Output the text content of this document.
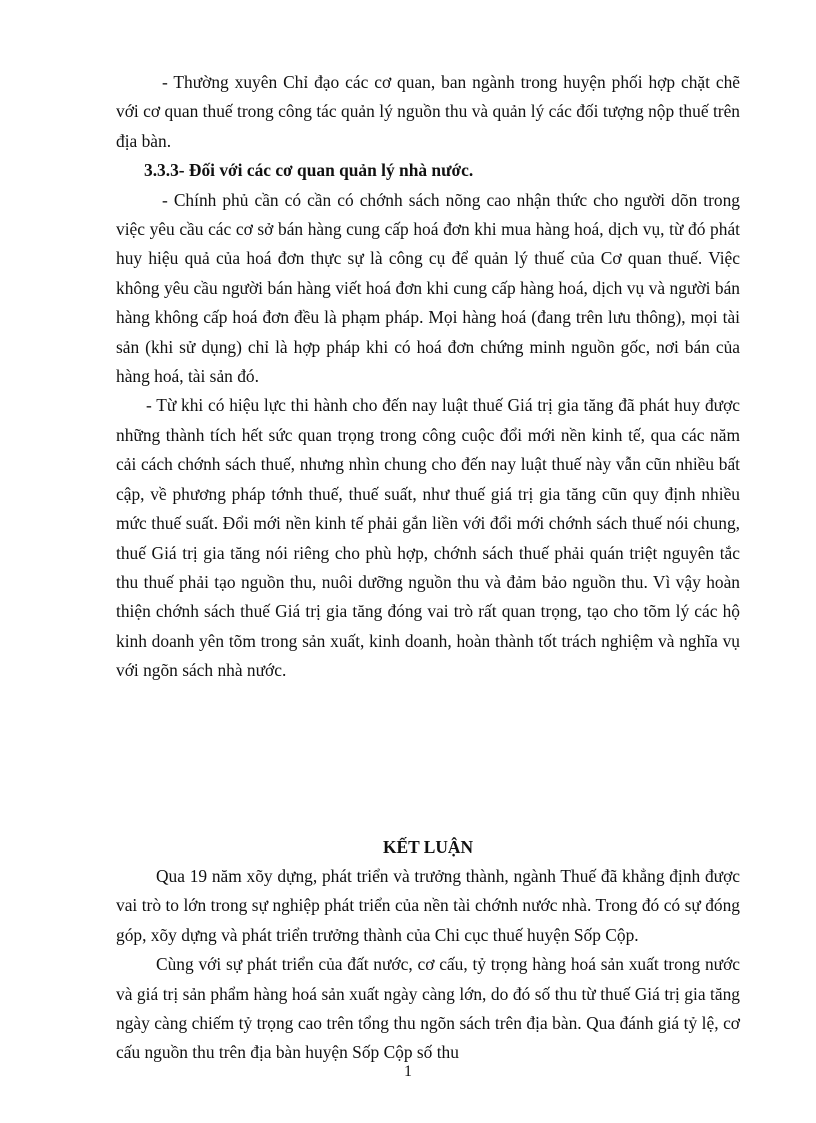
- Thường xuyên Chỉ đạo các cơ quan, ban ngành trong huyện phối hợp chặt chẽ với cơ quan thuế trong công tác quản lý nguồn thu và quản lý các đối tượng nộp thuế trên địa bàn.

3.3.3- Đối với các cơ quan quản lý nhà nước.

- Chính phủ cần có cần có chớnh sách nõng cao nhận thức cho người dõn trong việc yêu cầu các cơ sở bán hàng cung cấp hoá đơn khi mua hàng hoá, dịch vụ, từ đó phát huy hiệu quả của hoá đơn thực sự là công cụ để quản lý thuế của Cơ quan thuế. Việc không yêu cầu người bán hàng viết hoá đơn khi cung cấp hàng hoá, dịch vụ và người bán hàng không cấp hoá đơn đều là phạm pháp. Mọi hàng hoá (đang trên lưu thông), mọi tài sản (khi sử dụng) chỉ là hợp pháp khi có hoá đơn chứng minh nguồn gốc, nơi bán của hàng hoá, tài sản đó.

- Từ khi có hiệu lực thi hành cho đến nay luật thuế Giá trị gia tăng đã phát huy được những thành tích hết sức quan trọng trong công cuộc đổi mới nền kinh tế, qua các năm cải cách chớnh sách thuế, nhưng nhìn chung cho đến nay luật thuế này vẫn cũn nhiều bất cập, về phương pháp tớnh thuế, thuế suất, như thuế giá trị gia tăng cũn quy định nhiều mức thuế suất. Đổi mới nền kinh tế phải gắn liền với đổi mới chớnh sách thuế nói chung, thuế Giá trị gia tăng nói riêng cho phù hợp, chớnh sách thuế phải quán triệt nguyên tắc thu thuế phải tạo nguồn thu, nuôi dưỡng nguồn thu và đảm bảo nguồn thu. Vì vậy hoàn thiện chớnh sách thuế Giá trị gia tăng đóng vai trò rất quan trọng, tạo cho tõm lý các hộ kinh doanh yên tõm trong sản xuất, kinh doanh, hoàn thành tốt trách nghiệm và nghĩa vụ với ngõn sách nhà nước.

KẾT LUẬN

Qua 19 năm xõy dựng, phát triển và trưởng thành, ngành Thuế đã khẳng định được vai trò to lớn trong sự nghiệp phát triển của nền tài chớnh nước nhà. Trong đó có sự đóng góp, xõy dựng và phát triển trưởng thành của Chi cục thuế huyện Sốp Cộp.

Cùng với sự phát triển của đất nước, cơ cấu, tỷ trọng hàng hoá sản xuất trong nước và giá trị sản phẩm hàng hoá sản xuất ngày càng lớn, do đó số thu từ thuế Giá trị gia tăng ngày càng chiếm tỷ trọng cao trên tổng thu ngõn sách trên địa bàn. Qua đánh giá tỷ lệ, cơ cấu nguồn thu trên địa bàn huyện Sốp Cộp số thu

1
